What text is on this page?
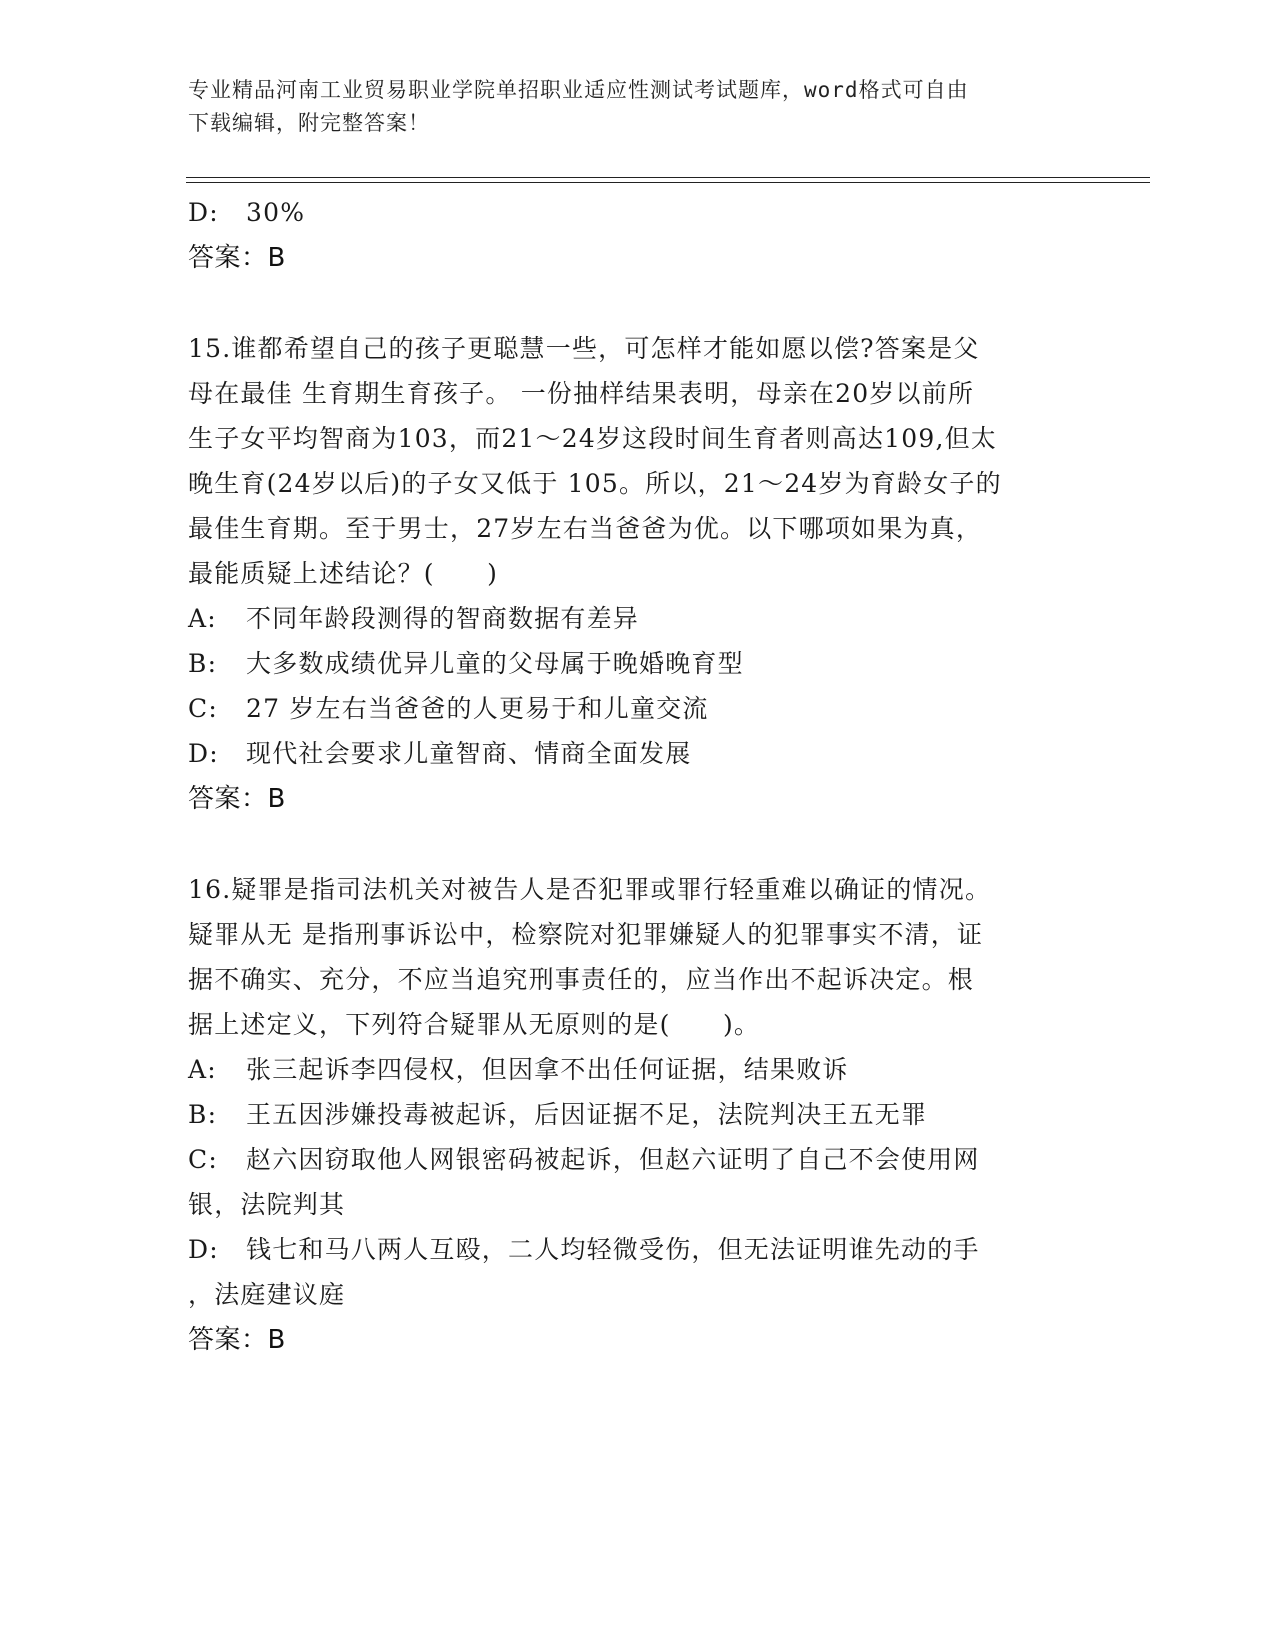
专业精品河南工业贸易职业学院单招职业适应性测试考试题库，word格式可自由
下载编辑，附完整答案！
D: 30%
答案：B
15.谁都希望自己的孩子更聪慧一些，可怎样才能如愿以偿?答案是父
母在最佳 生育期生育孩子。 一份抽样结果表明，母亲在20岁以前所
生子女平均智商为103，而21～24岁这段时间生育者则高达109,但太
晚生育(24岁以后)的子女又低于 105。所以，21～24岁为育龄女子的
最佳生育期。至于男士，27岁左右当爸爸为优。以下哪项如果为真，
最能质疑上述结论？(　　)
A: 不同年龄段测得的智商数据有差异
B: 大多数成绩优异儿童的父母属于晚婚晚育型
C: 27 岁左右当爸爸的人更易于和儿童交流
D: 现代社会要求儿童智商、情商全面发展
答案：B
16.疑罪是指司法机关对被告人是否犯罪或罪行轻重难以确证的情况。
疑罪从无 是指刑事诉讼中，检察院对犯罪嫌疑人的犯罪事实不清，证
据不确实、充分，不应当追究刑事责任的，应当作出不起诉决定。根
据上述定义，下列符合疑罪从无原则的是(　　)。
A: 张三起诉李四侵权，但因拿不出任何证据，结果败诉
B: 王五因涉嫌投毒被起诉，后因证据不足，法院判决王五无罪
C: 赵六因窃取他人网银密码被起诉，但赵六证明了自己不会使用网
银，法院判其
D: 钱七和马八两人互殴，二人均轻微受伤，但无法证明谁先动的手
，法庭建议庭
答案：B
